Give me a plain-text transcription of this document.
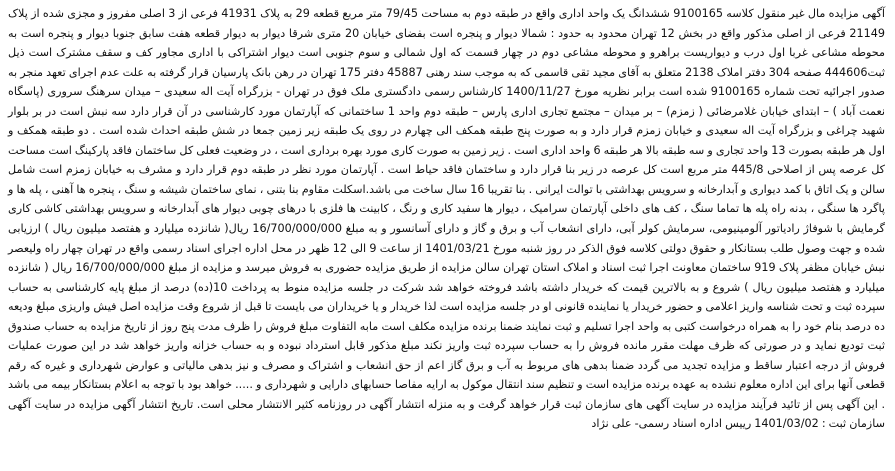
آگهی مزایده مال غیر منقول کلاسه 9100165 ششدانگ یک واحد اداری واقع در طبقه دوم به مساحت 79/45 متر مربع قطعه 29 به پلاک 41931 فرعی از 3 اصلی مفروز و مجزی شده از پلاک 21149 فرعی از اصلی مذکور واقع در بخش 12 تهران محدود به حدود : شمالا دیوار و پنجره است بفضای خیابان 20 متری شرقا دیوار به دیوار قطعه هفت سابق جنوبا دیوار و پنجره است به محوطه مشاعی غربا اول درب و دیواریست براهرو و محوطه مشاعی دوم در چهار قسمت که اول شمالی و سوم جنوبی است دیوار اشتراکی با اداری مجاور کف و سقف مشترک است ذیل ثبت444606 صفحه 304 دفتر املاک 2138 متعلق به آقای مجید تقی قاسمی که به موجب سند رهنی 45887 دفتر 175 تهران در رهن بانک پارسیان قرار گرفته به علت عدم اجرای تعهد منجر به صدور اجرائیه تحت شماره 9100165 شده است برابر نظریه مورخ 1400/11/27 کارشناس رسمی دادگستری ملک فوق در تهران - بزرگراه آیت اله سعیدی – میدان سرهنگ سروری (پاسگاه نعمت آباد ) – ابتدای خیابان غلامرضائی ( زمزم) – بر میدان – مجتمع تجاری اداری پارس – طبقه دوم واحد 1 ساختمانی که آپارتمان مورد کارشناسی در آن قرار دارد سه نبش است در بر بلوار شهید چراغی و بزرگراه آیت اله سعیدی و خیابان زمزم قرار دارد و به صورت پنج طبقه همکف الی چهارم در روی یک طبقه زیر زمین جمعا در شش طبقه احداث شده است . دو طبقه همکف و اول هر طبقه بصورت 13 واحد تجاری و سه طبقه بالا هر طبقه 6 واحد اداری است . زیر زمین به صورت کاری مورد بهره برداری است ، در وضعیت فعلی کل ساختمان فاقد پارکینگ است مساحت کل عرصه پس از اصلاحی 445/8 متر مربع است کل عرصه در زیر بنا قرار دارد و ساختمان فاقد حیاط است . آپارتمان مورد نظر در طبقه دوم قرار دارد و مشرف به خیابان زمزم است شامل سالن و یک اتاق با کمد دیواری و آبدارخانه و سرویس بهداشتی با توالت ایرانی . بنا تقریبا 16 سال ساخت می باشد.اسکلت مقاوم بنا بتنی ، نمای ساختمان شیشه و سنگ ، پنجره ها آهنی ، پله ها و پاگرد ها سنگی ، بدنه راه پله ها تماما سنگ ، کف های داخلی آپارتمان سرامیک ، دیوار ها سفید کاری و رنگ ، کابینت ها فلزی با درهای چوبی دیوار های آبدارخانه و سرویس بهداشتی کاشی کاری گرمایش با شوفاژ رادیاتور آلومینیومی، سرمایش کولر آبی، دارای انشعاب آب و برق و گاز و دارای آسانسور و به مبلغ 16/700/000/000 ریال( شانزده میلیارد و هفتصد میلیون ریال ) ارزیابی شده و جهت وصول طلب بستانکار و حقوق دولتی کلاسه فوق الذکر در روز شنبه مورخ 1401/03/21 از ساعت 9 الی 12 ظهر در محل اداره اجرای اسناد رسمی واقع در تهران چهار راه ولیعصر نبش خیابان مظفر پلاک 919 ساختمان معاونت اجرا ثبت اسناد و املاک استان تهران سالن مزایده از طریق مزایده حضوری به فروش میرسد و مزایده از مبلغ 16/700/000/000 ریال ( شانزده میلیارد و هفتصد میلیون ریال ) شروع و به بالاترین قیمت که خریدار داشته باشد فروخته خواهد شد شرکت در جلسه مزایده منوط به پرداخت 10(ده) درصد از مبلغ پایه کارشناسی به حساب سپرده ثبت و تحت شناسه واریز اعلامی و حضور خریدار یا نماینده قانونی او در جلسه مزایده است لذا خریدار و یا خریداران می بایست تا قبل از شروع وقت مزایده اصل فیش واریزی مبلغ ودیعه ده درصد بنام خود را به همراه درخواست کتبی به واحد اجرا تسلیم و ثبت نمایند ضمنا برنده مزایده مکلف است مابه التفاوت مبلغ فروش را ظرف مدت پنج روز از تاریخ مزایده به حساب صندوق ثبت تودیع نماید و در صورتی که ظرف مهلت مقرر مانده فروش را به حساب سپرده ثبت واریز نکند مبلغ مذکور قابل استرداد نبوده و به حساب خزانه واریز خواهد شد در این صورت عملیات فروش از درجه اعتبار ساقط و مزایده تجدید می گردد ضمنا بدهی های مربوط به آب و برق گاز اعم از حق انشعاب و اشتراک و مصرف و نیز بدهی مالیاتی و عوارض شهرداری و غیره که رقم قطعی آنها برای این اداره معلوم نشده به عهده برنده مزایده است و تنظیم سند انتقال موکول به ارایه مفاصا حسابهای دارایی و شهرداری و ..... خواهد بود با توجه به اعلام بستانکار بیمه می باشد . این آگهی پس از تائید فرآیند مزایده در سایت آگهی های سازمان ثبت قرار خواهد گرفت و به منزله انتشار آگهی در روزنامه کثیر الانتشار محلی است. تاریخ انتشار آگهی مزایده در سایت آگهی سازمان ثبت : 1401/03/02 رییس اداره اسناد رسمی- علی نژاد
